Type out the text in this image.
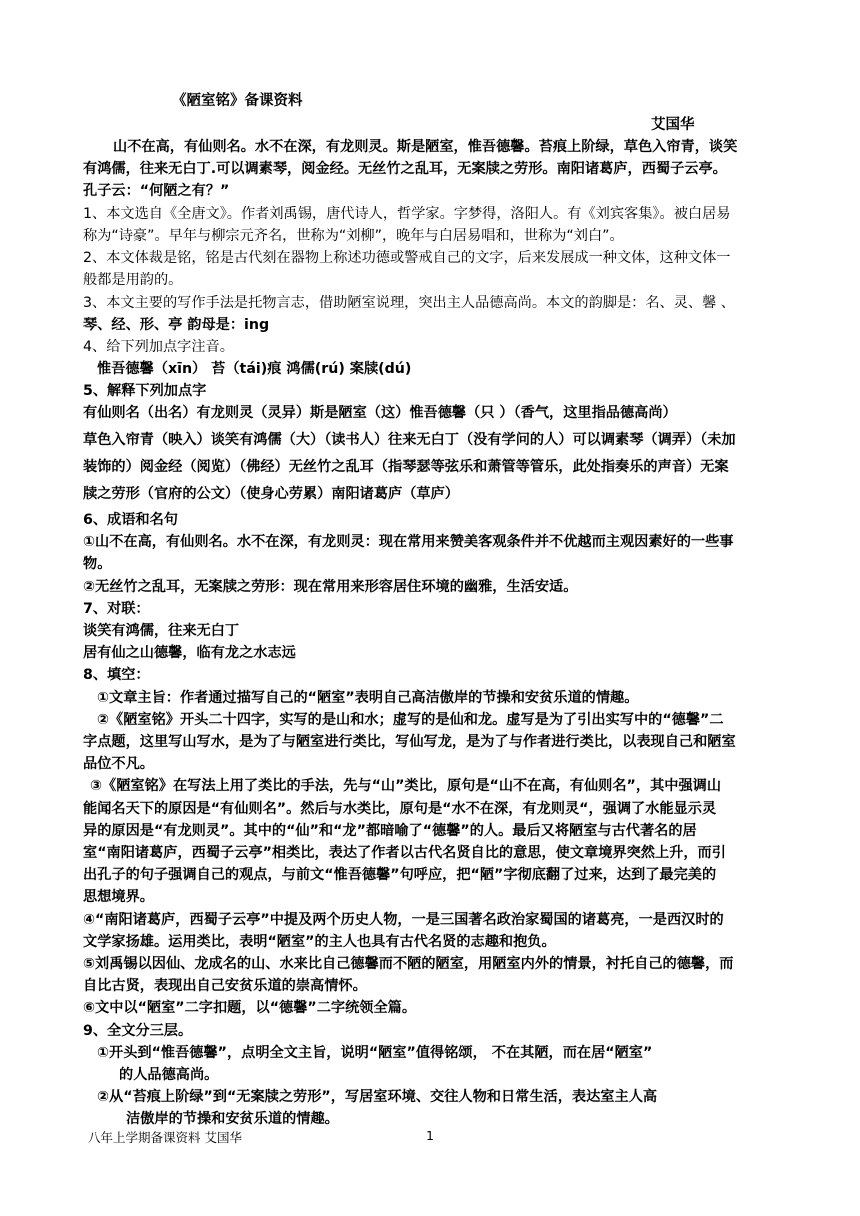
《陋室铭》备课资料
艾国华
山不在高，有仙则名。水不在深，有龙则灵。斯是陋室，惟吾德馨。苔痕上阶绿，草色入帘青，谈笑
有鸿儒，往来无白丁.可以调素琴，阅金经。无丝竹之乱耳，无案牍之劳形。南阳诸葛庐，西蜀子云亭。
孔子云：“何陋之有？”
1、本文选自《全唐文》。作者刘禹锡，唐代诗人，哲学家。字梦得，洛阳人。有《刘宾客集》。被白居易
称为“诗豪”。早年与柳宗元齐名，世称为“刘柳”，晚年与白居易唱和，世称为“刘白”。
2、本文体裁是铭，铭是古代刻在器物上称述功德或警戒自己的文字，后来发展成一种文体，这种文体一
般都是用韵的。
3、本文主要的写作手法是托物言志，借助陋室说理，突出主人品德高尚。本文的韵脚是：名、灵、馨 、
琴、经、形、亭 韵母是：ing
4、给下列加点字注音。
惟吾德馨（xīn） 苔（tái)痕 鸿儒(rú) 案牍(dú)
5、解释下列加点字
有仙则名（出名）有龙则灵（灵异）斯是陋室（这）惟吾德馨（只 ）（香气，这里指品德高尚）
草色入帘青（映入）谈笑有鸿儒（大）（读书人）往来无白丁（没有学问的人）可以调素琴（调弄）（未加
装饰的）阅金经（阅览）（佛经）无丝竹之乱耳（指琴瑟等弦乐和萧管等管乐，此处指奏乐的声音）无案
牍之劳形（官府的公文）（使身心劳累）南阳诸葛庐（草庐）
6、成语和名句
①山不在高，有仙则名。水不在深，有龙则灵：现在常用来赞美客观条件并不优越而主观因素好的一些事
物。
②无丝竹之乱耳，无案牍之劳形：现在常用来形容居住环境的幽雅，生活安适。
7、对联：
谈笑有鸿儒，往来无白丁
居有仙之山德馨，临有龙之水志远
8、填空：
①文章主旨：作者通过描写自己的“陋室”表明自己高洁傲岸的节操和安贫乐道的情趣。
②《陋室铭》开头二十四字，实写的是山和水；虚写的是仙和龙。虚写是为了引出实写中的“德馨”二
字点题，这里写山写水，是为了与陋室进行类比，写仙写龙，是为了与作者进行类比，以表现自己和陋室
品位不凡。
③《陋室铭》在写法上用了类比的手法，先与“山”类比，原句是“山不在高，有仙则名”，其中强调山
能闻名天下的原因是“有仙则名”。然后与水类比，原句是“水不在深，有龙则灵“，强调了水能显示灵
异的原因是“有龙则灵”。其中的“仙”和“龙”都暗喻了“德馨”的人。最后又将陋室与古代著名的居
室“南阳诸葛庐，西蜀子云亭”相类比，表达了作者以古代名贤自比的意思，使文章境界突然上升，而引
出孔子的句子强调自己的观点，与前文“惟吾德馨”句呼应，把“陋”字彻底翻了过来，达到了最完美的
思想境界。
④“南阳诸葛庐，西蜀子云亭”中提及两个历史人物，一是三国著名政治家蜀国的诸葛亮，一是西汉时的
文学家扬雄。运用类比，表明“陋室”的主人也具有古代名贤的志趣和抱负。
⑤刘禹锡以因仙、龙成名的山、水来比自己德馨而不陋的陋室，用陋室内外的情景，衬托自己的德馨，而
自比古贤，表现出自己安贫乐道的崇高情怀。
⑥文中以“陋室”二字扣题，以“德馨”二字统领全篇。
9、全文分三层。
①开头到“惟吾德馨”，点明全文主旨，说明“陋室”值得铭颂， 不在其陋，而在居“陋室”
的人品德高尚。
②从“苔痕上阶绿”到“无案牍之劳形”，写居室环境、交往人物和日常生活，表达室主人高
洁傲岸的节操和安贫乐道的情趣。
八年上学期备课资料 艾国华	1
